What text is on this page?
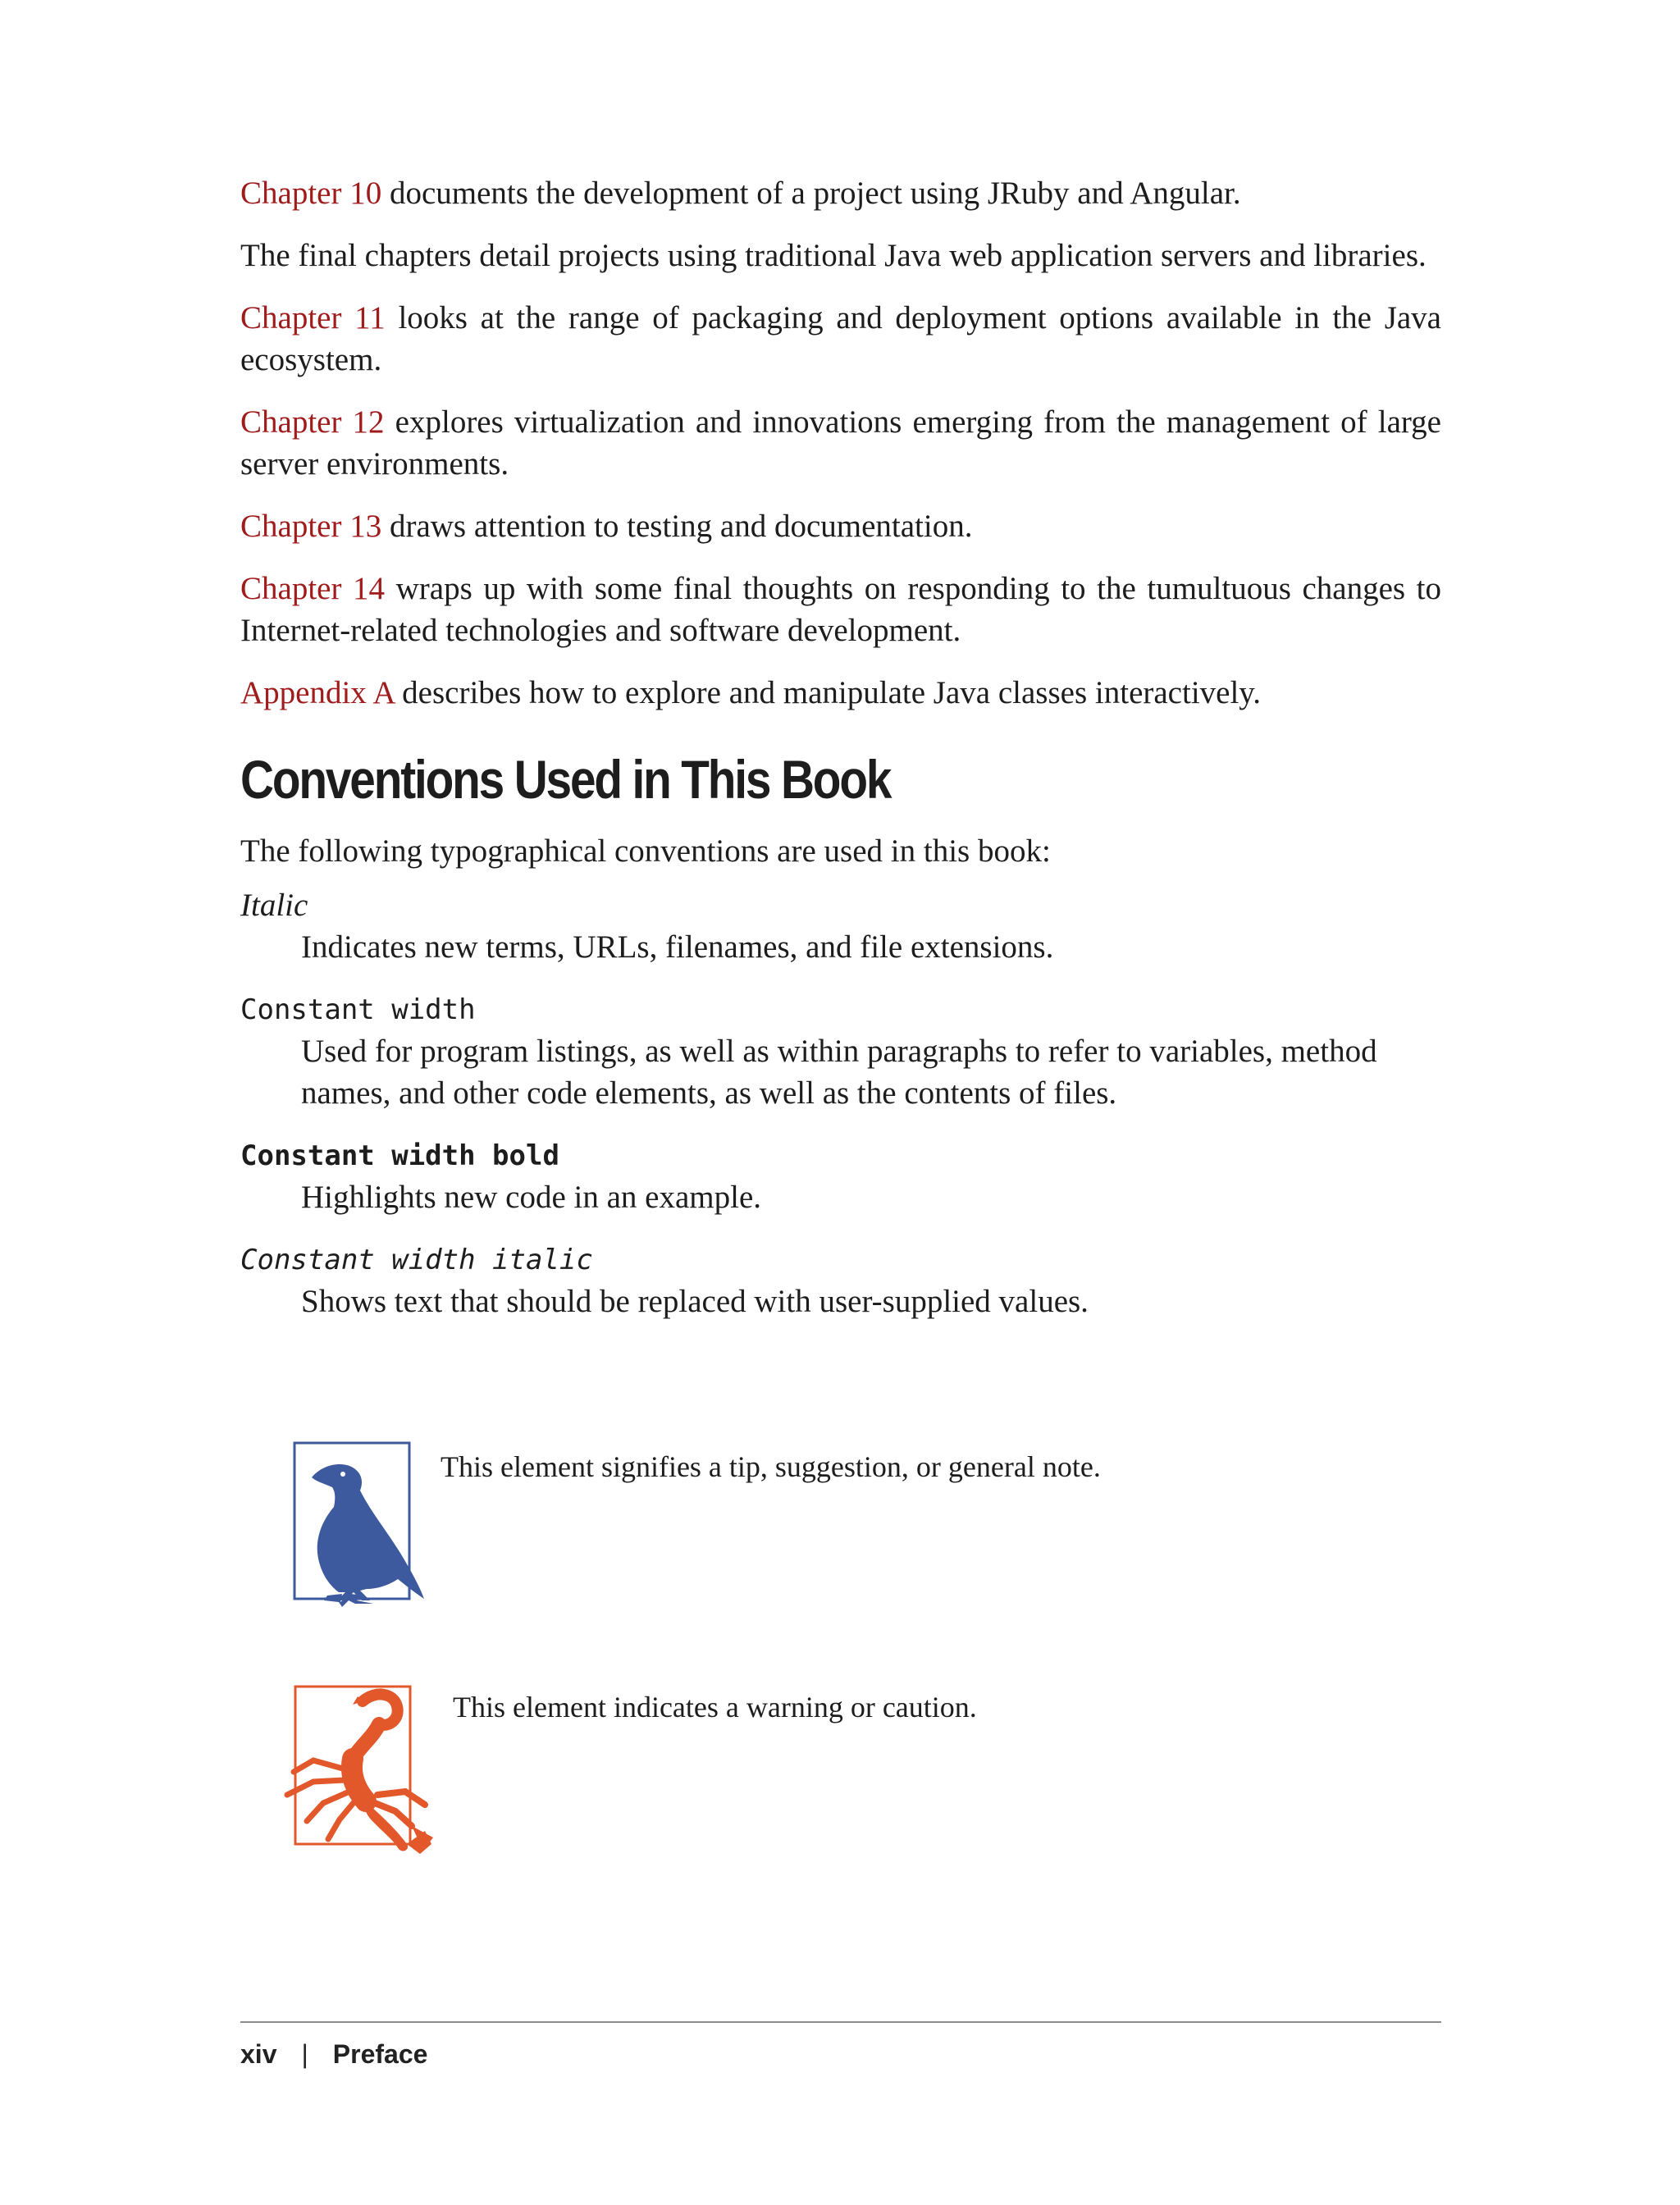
Chapter 10 documents the development of a project using JRuby and Angular.

The final chapters detail projects using traditional Java web application servers and libraries.

Chapter 11 looks at the range of packaging and deployment options available in the Java ecosystem.

Chapter 12 explores virtualization and innovations emerging from the management of large server environments.

Chapter 13 draws attention to testing and documentation.

Chapter 14 wraps up with some final thoughts on responding to the tumultuous changes to Internet-related technologies and software development.

Appendix A describes how to explore and manipulate Java classes interactively.

Conventions Used in This Book

The following typographical conventions are used in this book:

Italic
Indicates new terms, URLs, filenames, and file extensions.
Constant width
Used for program listings, as well as within paragraphs to refer to variables, method names, and other code elements, as well as the contents of files.
Constant width bold
Highlights new code in an example.
Constant width italic
Shows text that should be replaced with user-supplied values.
This element signifies a tip, suggestion, or general note.
This element indicates a warning or caution.
xiv | Preface
